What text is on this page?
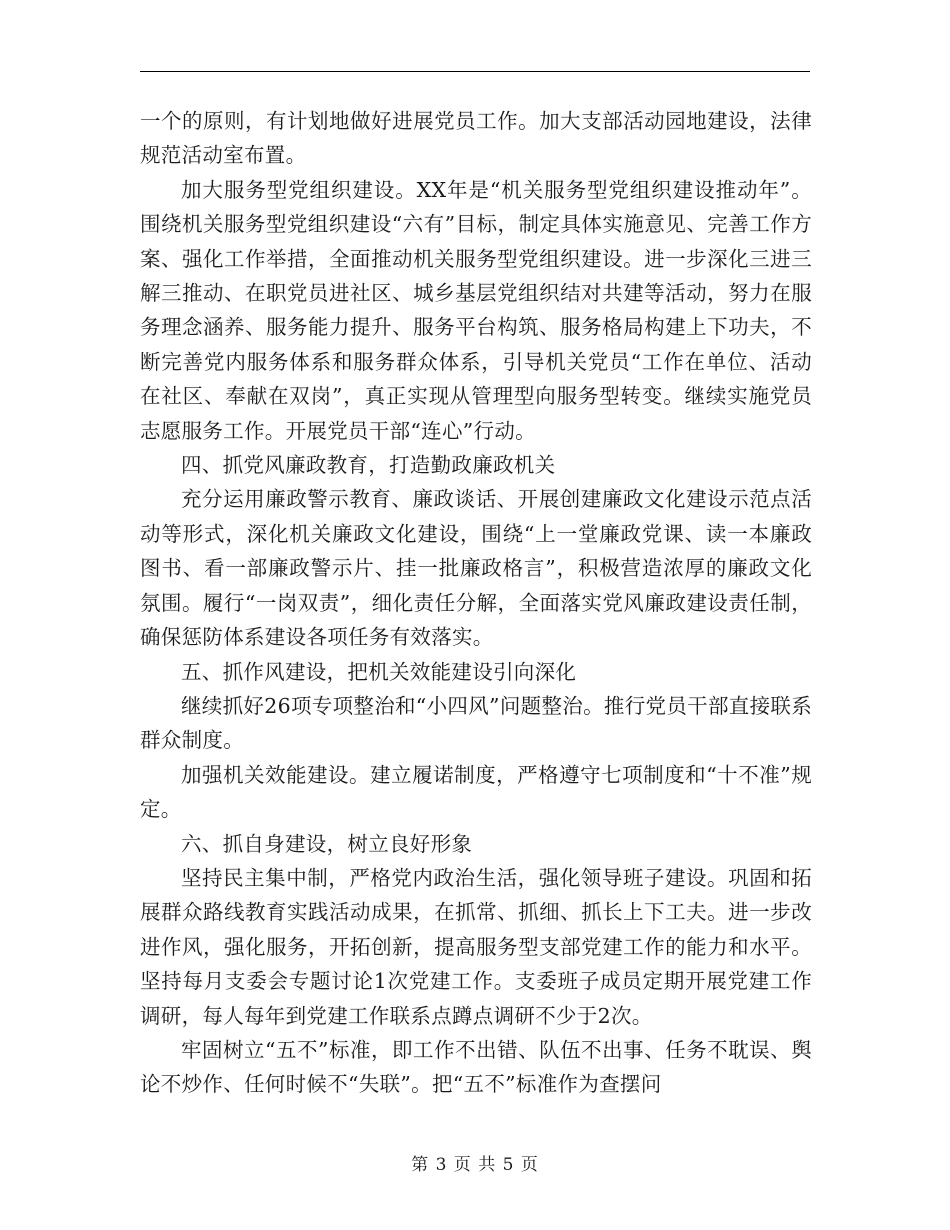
一个的原则，有计划地做好进展党员工作。加大支部活动园地建设，法律规范活动室布置。

加大服务型党组织建设。XX年是“机关服务型党组织建设推动年”。围绕机关服务型党组织建设“六有”目标，制定具体实施意见、完善工作方案、强化工作举措，全面推动机关服务型党组织建设。进一步深化三进三解三推动、在职党员进社区、城乡基层党组织结对共建等活动，努力在服务理念涵养、服务能力提升、服务平台构筑、服务格局构建上下功夫，不断完善党内服务体系和服务群众体系，引导机关党员“工作在单位、活动在社区、奉献在双岗”，真正实现从管理型向服务型转变。继续实施党员志愿服务工作。开展党员干部“连心”行动。

四、抓党风廉政教育，打造勤政廉政机关

充分运用廉政警示教育、廉政谈话、开展创建廉政文化建设示范点活动等形式，深化机关廉政文化建设，围绕“上一堂廉政党课、读一本廉政图书、看一部廉政警示片、挂一批廉政格言”，积极营造浓厚的廉政文化氛围。履行“一岗双责”，细化责任分解，全面落实党风廉政建设责任制，确保惩防体系建设各项任务有效落实。

五、抓作风建设，把机关效能建设引向深化

继续抓好26项专项整治和“小四风”问题整治。推行党员干部直接联系群众制度。

加强机关效能建设。建立履诺制度，严格遵守七项制度和“十不准”规定。

六、抓自身建设，树立良好形象

坚持民主集中制，严格党内政治生活，强化领导班子建设。巩固和拓展群众路线教育实践活动成果，在抓常、抓细、抓长上下工夫。进一步改进作风，强化服务，开拓创新，提高服务型支部党建工作的能力和水平。坚持每月支委会专题讨论1次党建工作。支委班子成员定期开展党建工作调研，每人每年到党建工作联系点蹲点调研不少于2次。

牢固树立“五不”标准，即工作不出错、队伍不出事、任务不耽误、舆论不炒作、任何时候不“失联”。把“五不”标准作为查摆问

第 3 页 共 5 页
